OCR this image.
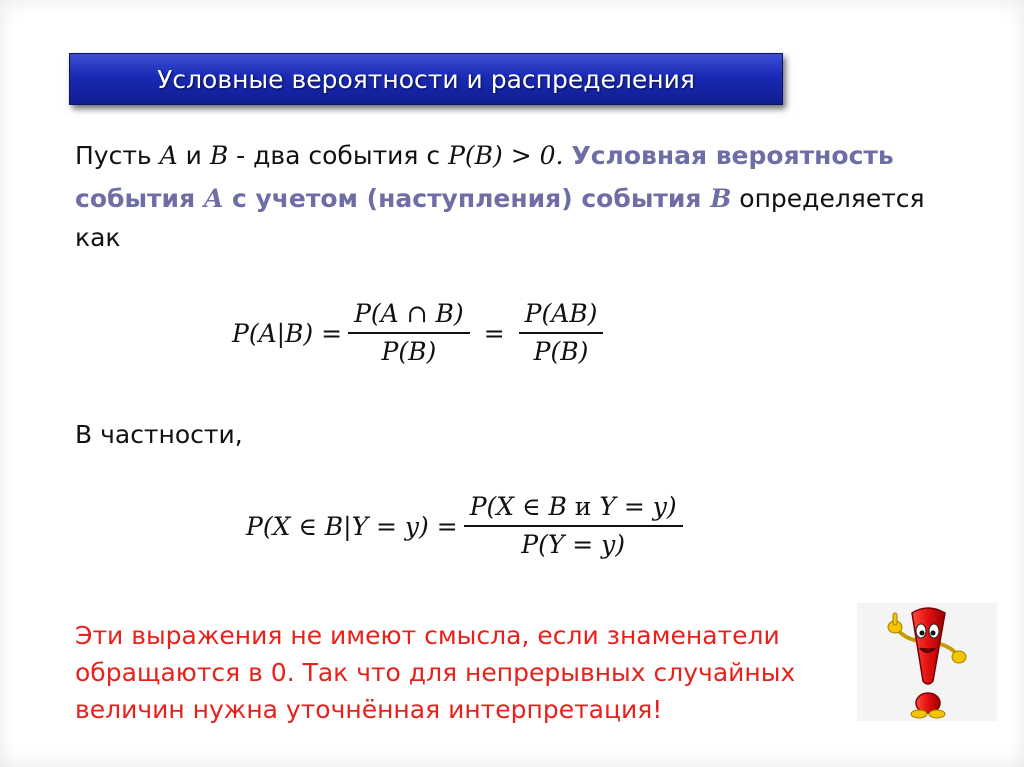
Условные вероятности и распределения
Пусть A и B - два события с P(B) > 0. Условная вероятность
события A с учетом (наступления) события B определяется
как
$P(A|B) = \frac{P(A \cap B)}{P(B)} = \frac{P(AB)}{P(B)}$
В частности,
P(X ∈ $B|Y = y) = \frac{\text{P(X ∈ B и Y = y)}}{P(Y = y)}$
Эти выражения не имеют смысла, если знаменатели
обращаются в 0. Так что для непрерывных случайных
величин нужна уточнённая интерпретация!
